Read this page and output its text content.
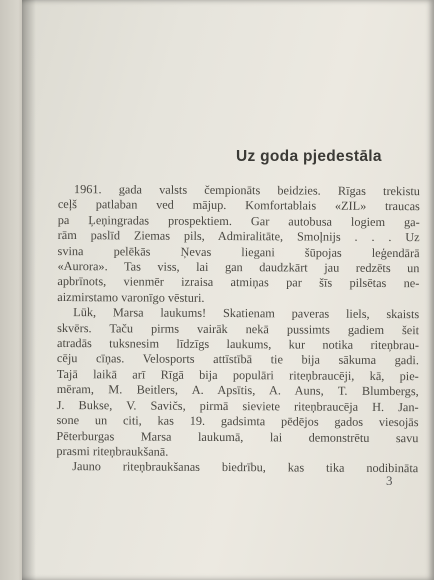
Uz goda pjedestāla
1961. gada valsts čempionāts beidzies. Rīgas trekistu
ceļš patlaban ved mājup. Komfortablais «ZIL» traucas
pa Ļeņingradas prospektiem. Gar autobusa logiem ga-
rām paslīd Ziemas pils, Admiralitāte, Smoļnijs . . . Uz
svina pelēkās Ņevas liegani šūpojas leģendārā
«Aurora». Tas viss, lai gan daudzkārt jau redzēts un
apbrīnots, vienmēr izraisa atmiņas par šīs pilsētas ne-
aizmirstamo varonīgo vēsturi.
Lūk, Marsa laukums! Skatienam paveras liels, skaists
skvērs. Taču pirms vairāk nekā pussimts gadiem šeit
atradās tuksnesim līdzīgs laukums, kur notika riteņbrau-
cēju cīņas. Velosports attīstībā tie bija sākuma gadi.
Tajā laikā arī Rīgā bija populāri riteņbraucēji, kā, pie-
mēram, M. Beitlers, A. Apsītis, A. Auns, T. Blumbergs,
J. Bukse, V. Savičs, pirmā sieviete riteņbraucēja H. Jan-
sone un citi, kas 19. gadsimta pēdējos gados viesojās
Pēterburgas Marsa laukumā, lai demonstrētu savu
prasmi riteņbraukšanā.
Jauno riteņbraukšanas biedrību, kas tika nodibināta
3
